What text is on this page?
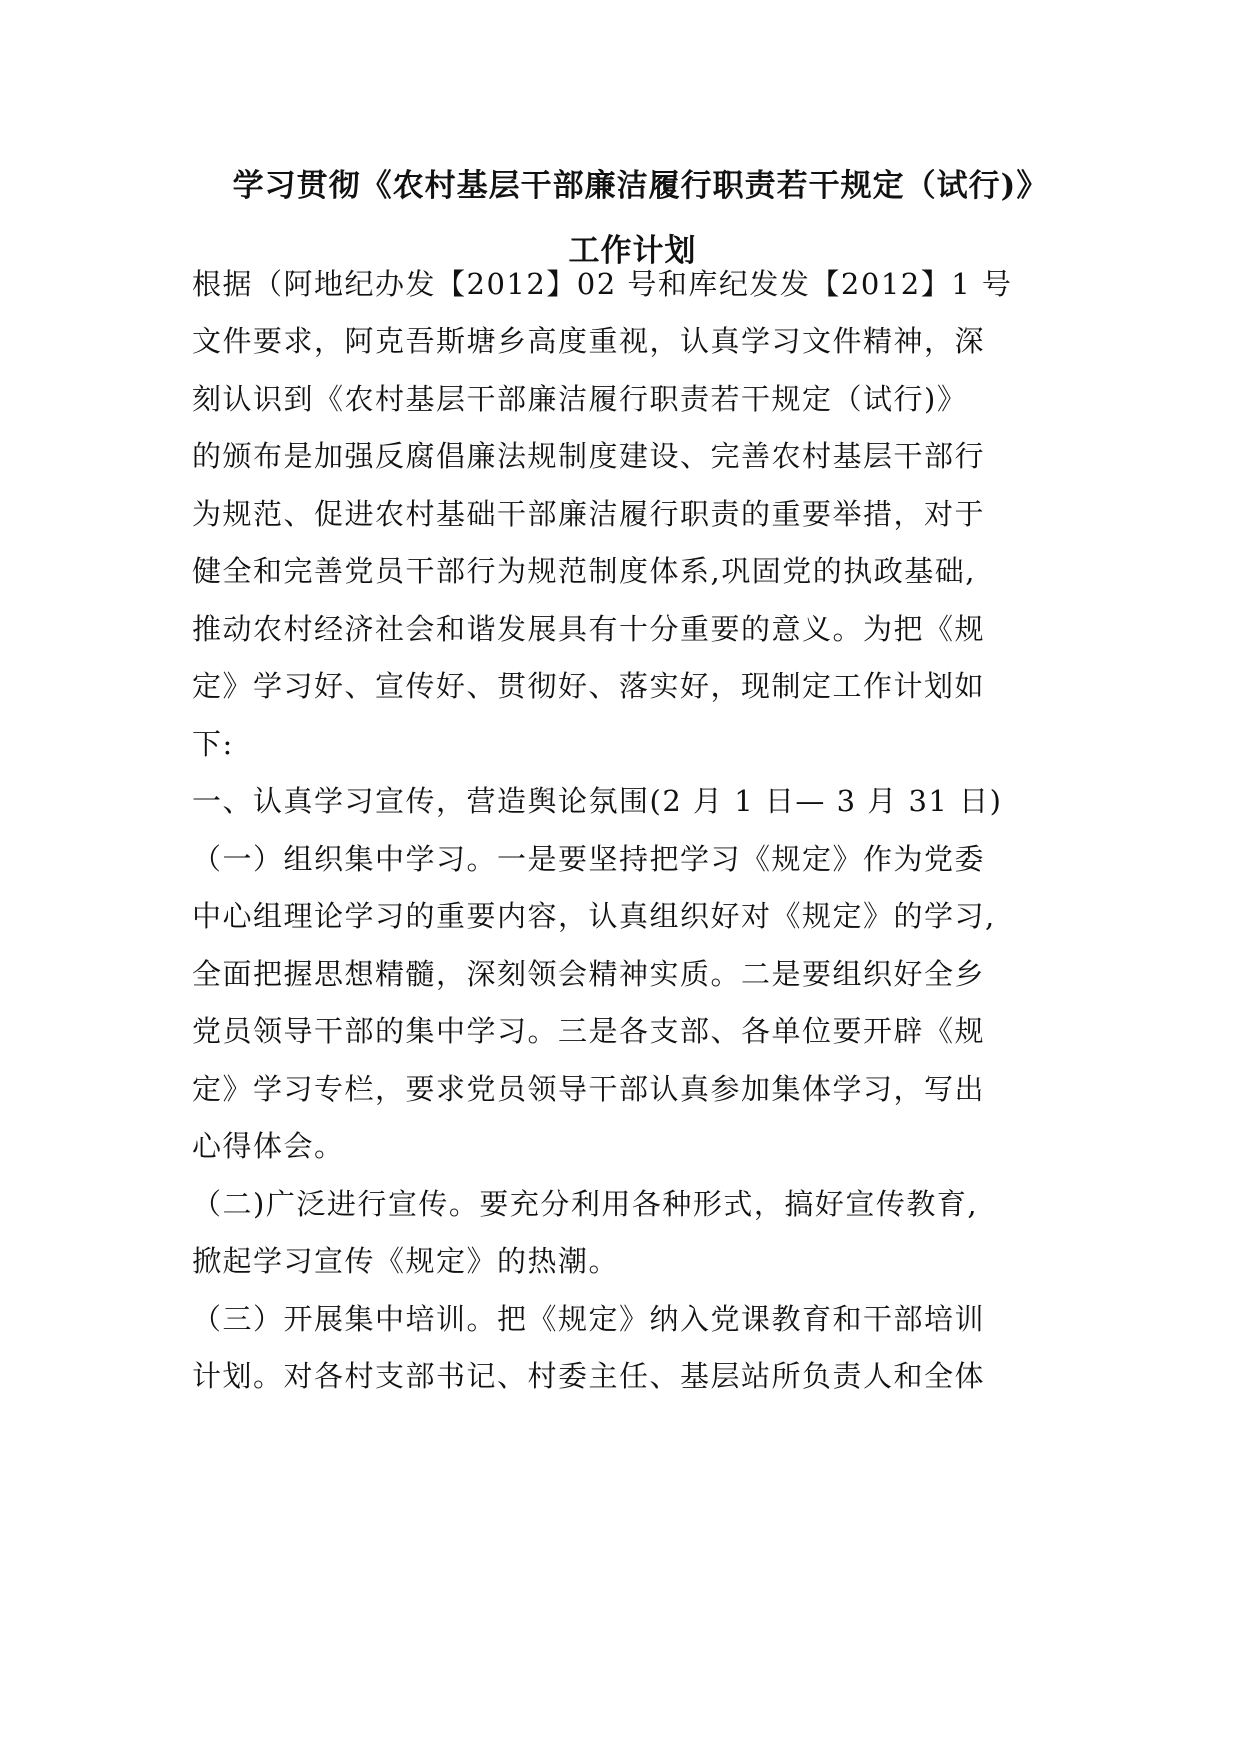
学习贯彻《农村基层干部廉洁履行职责若干规定（试行)》
工作计划
根据（阿地纪办发【2012】02 号和库纪发发【2012】1 号
文件要求，阿克吾斯塘乡高度重视，认真学习文件精神，深
刻认识到《农村基层干部廉洁履行职责若干规定（试行)》
的颁布是加强反腐倡廉法规制度建设、完善农村基层干部行
为规范、促进农村基础干部廉洁履行职责的重要举措，对于
健全和完善党员干部行为规范制度体系,巩固党的执政基础,
推动农村经济社会和谐发展具有十分重要的意义。为把《规
定》学习好、宣传好、贯彻好、落实好，现制定工作计划如
下:
一、认真学习宣传，营造舆论氛围(2 月 1 日— 3 月 31 日)
（一）组织集中学习。一是要坚持把学习《规定》作为党委
中心组理论学习的重要内容，认真组织好对《规定》的学习,
全面把握思想精髓，深刻领会精神实质。二是要组织好全乡
党员领导干部的集中学习。三是各支部、各单位要开辟《规
定》学习专栏，要求党员领导干部认真参加集体学习，写出
心得体会。
（二)广泛进行宣传。要充分利用各种形式，搞好宣传教育,
掀起学习宣传《规定》的热潮。
（三）开展集中培训。把《规定》纳入党课教育和干部培训
计划。对各村支部书记、村委主任、基层站所负责人和全体
